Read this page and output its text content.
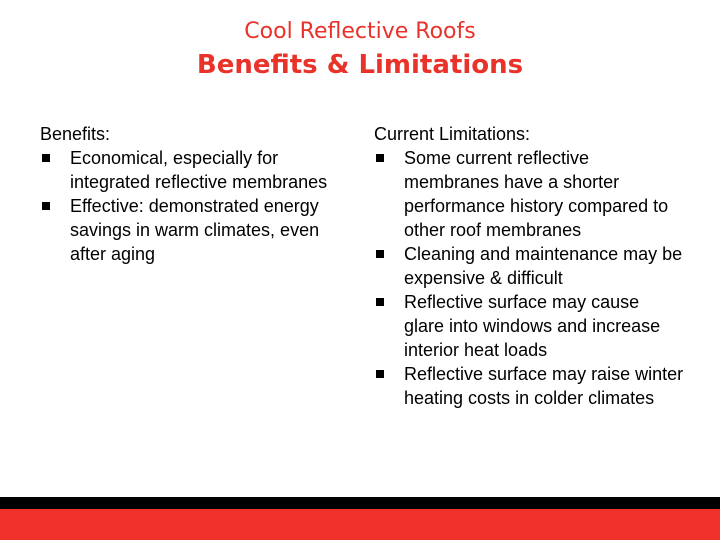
Cool Reflective Roofs
Benefits & Limitations
Benefits:
Economical, especially for integrated reflective membranes
Effective: demonstrated energy savings in warm climates, even after aging
Current Limitations:
Some current reflective membranes have a shorter performance history compared to other roof membranes
Cleaning and maintenance may be expensive & difficult
Reflective surface may cause glare into windows and increase interior heat loads
Reflective surface may raise winter heating costs in colder climates
